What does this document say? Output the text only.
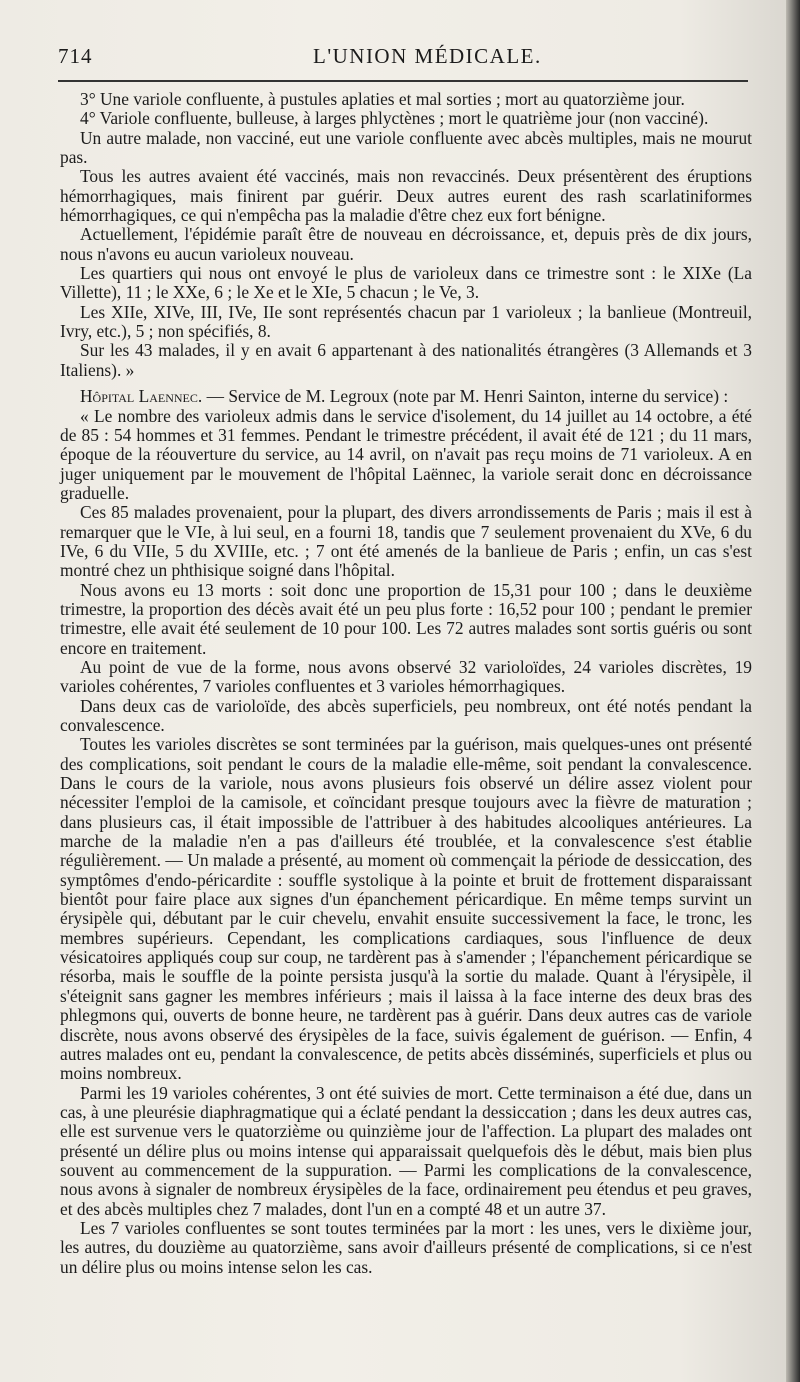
714	L'UNION MÉDICALE.

3° Une variole confluente, à pustules aplaties et mal sorties ; mort au quatorzième jour.

4° Variole confluente, bulleuse, à larges phlyctènes ; mort le quatrième jour (non vacciné).

Un autre malade, non vacciné, eut une variole confluente avec abcès multiples, mais ne mourut pas.

Tous les autres avaient été vaccinés, mais non revaccinés. Deux présentèrent des éruptions hémorrhagiques, mais finirent par guérir. Deux autres eurent des rash scarlatiniformes hémorrhagiques, ce qui n'empêcha pas la maladie d'être chez eux fort bénigne.

Actuellement, l'épidémie paraît être de nouveau en décroissance, et, depuis près de dix jours, nous n'avons eu aucun varioleux nouveau.

Les quartiers qui nous ont envoyé le plus de varioleux dans ce trimestre sont : le XIXe (La Villette), 11 ; le XXe, 6 ; le Xe et le XIe, 5 chacun ; le Ve, 3.

Les XIIe, XIVe, III, IVe, IIe sont représentés chacun par 1 varioleux ; la banlieue (Montreuil, Ivry, etc.), 5 ; non spécifiés, 8.

Sur les 43 malades, il y en avait 6 appartenant à des nationalités étrangères (3 Allemands et 3 Italiens). »

Hôpital Laennec. — Service de M. Legroux (note par M. Henri Sainton, interne du service) :

« Le nombre des varioleux admis dans le service d'isolement, du 14 juillet au 14 octobre, a été de 85 : 54 hommes et 31 femmes. Pendant le trimestre précédent, il avait été de 121 ; du 11 mars, époque de la réouverture du service, au 14 avril, on n'avait pas reçu moins de 71 varioleux. A en juger uniquement par le mouvement de l'hôpital Laënnec, la variole serait donc en décroissance graduelle.

Ces 85 malades provenaient, pour la plupart, des divers arrondissements de Paris ; mais il est à remarquer que le VIe, à lui seul, en a fourni 18, tandis que 7 seulement provenaient du XVe, 6 du IVe, 6 du VIIe, 5 du XVIIIe, etc. ; 7 ont été amenés de la banlieue de Paris ; enfin, un cas s'est montré chez un phthisique soigné dans l'hôpital.

Nous avons eu 13 morts : soit donc une proportion de 15,31 pour 100 ; dans le deuxième trimestre, la proportion des décès avait été un peu plus forte : 16,52 pour 100 ; pendant le premier trimestre, elle avait été seulement de 10 pour 100. Les 72 autres malades sont sortis guéris ou sont encore en traitement.

Au point de vue de la forme, nous avons observé 32 varioloïdes, 24 varioles discrètes, 19 varioles cohérentes, 7 varioles confluentes et 3 varioles hémorrhagiques.

Dans deux cas de varioloïde, des abcès superficiels, peu nombreux, ont été notés pendant la convalescence.

Toutes les varioles discrètes se sont terminées par la guérison, mais quelques-unes ont présenté des complications, soit pendant le cours de la maladie elle-même, soit pendant la convalescence. Dans le cours de la variole, nous avons plusieurs fois observé un délire assez violent pour nécessiter l'emploi de la camisole, et coïncidant presque toujours avec la fièvre de maturation ; dans plusieurs cas, il était impossible de l'attribuer à des habitudes alcooliques antérieures. La marche de la maladie n'en a pas d'ailleurs été troublée, et la convalescence s'est établie régulièrement. — Un malade a présenté, au moment où commençait la période de dessiccation, des symptômes d'endo-péricardite : souffle systolique à la pointe et bruit de frottement disparaissant bientôt pour faire place aux signes d'un épanchement péricardique. En même temps survint un érysipèle qui, débutant par le cuir chevelu, envahit ensuite successivement la face, le tronc, les membres supérieurs. Cependant, les complications cardiaques, sous l'influence de deux vésicatoires appliqués coup sur coup, ne tardèrent pas à s'amender ; l'épanchement péricardique se résorba, mais le souffle de la pointe persista jusqu'à la sortie du malade. Quant à l'érysipèle, il s'éteignit sans gagner les membres inférieurs ; mais il laissa à la face interne des deux bras des phlegmons qui, ouverts de bonne heure, ne tardèrent pas à guérir. Dans deux autres cas de variole discrète, nous avons observé des érysipèles de la face, suivis également de guérison. — Enfin, 4 autres malades ont eu, pendant la convalescence, de petits abcès disséminés, superficiels et plus ou moins nombreux.

Parmi les 19 varioles cohérentes, 3 ont été suivies de mort. Cette terminaison a été due, dans un cas, à une pleurésie diaphragmatique qui a éclaté pendant la dessiccation ; dans les deux autres cas, elle est survenue vers le quatorzième ou quinzième jour de l'affection. La plupart des malades ont présenté un délire plus ou moins intense qui apparaissait quelquefois dès le début, mais bien plus souvent au commencement de la suppuration. — Parmi les complications de la convalescence, nous avons à signaler de nombreux érysipèles de la face, ordinairement peu étendus et peu graves, et des abcès multiples chez 7 malades, dont l'un en a compté 48 et un autre 37.

Les 7 varioles confluentes se sont toutes terminées par la mort : les unes, vers le dixième jour, les autres, du douzième au quatorzième, sans avoir d'ailleurs présenté de complications, si ce n'est un délire plus ou moins intense selon les cas.
